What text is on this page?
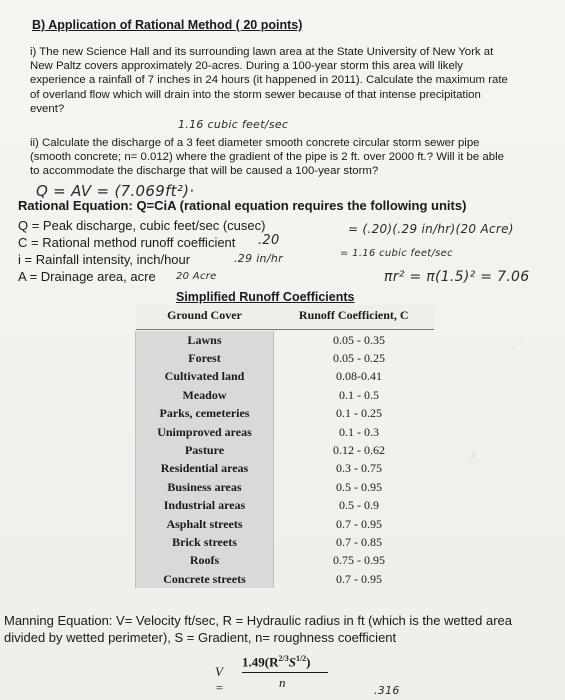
B) Application of Rational Method ( 20 points)
i) The new Science Hall and its surrounding lawn area at the State University of New York at
New Paltz covers approximately 20-acres. During a 100-year storm this area will likely
experience a rainfall of 7 inches in 24 hours (it happened in 2011). Calculate the maximum rate
of overland flow which will drain into the storm sewer because of that intense precipitation
event?
1.16 cubic feet/sec
ii) Calculate the discharge of a 3 feet diameter smooth concrete circular storm sewer pipe
(smooth concrete; n= 0.012) where the gradient of the pipe is 2 ft. over 2000 ft.? Will it be able
to accommodate the discharge that will be caused a 100-year storm?
Q = AV = (7.069ft²)·
Rational Equation: Q=CiA (rational equation requires the following units)
Q = Peak discharge, cubic feet/sec (cusec)
C = Rational method runoff coefficient
i = Rainfall intensity, inch/hour
A = Drainage area, acre
.20
.29 in/hr
20 Acre
= (.20)(.29 in/hr)(20 Acre)
= 1.16 cubic feet/sec
πr² = π(1.5)² = 7.06
Simplified Runoff Coefficients
Ground Cover	Runoff Coefficient, C

Lawns	0.05 - 0.35
Forest	0.05 - 0.25
Cultivated land	0.08-0.41
Meadow	0.1 - 0.5
Parks, cemeteries	0.1 - 0.25
Unimproved areas	0.1 - 0.3
Pasture	0.12 - 0.62
Residential areas	0.3 - 0.75
Business areas	0.5 - 0.95
Industrial areas	0.5 - 0.9
Asphalt streets	0.7 - 0.95
Brick streets	0.7 - 0.85
Roofs	0.75 - 0.95
Concrete streets	0.7 - 0.95
⟋
⋰
Manning Equation: V= Velocity ft/sec, R = Hydraulic radius in ft (which is the wetted area
divided by wetted perimeter), S = Gradient, n= roughness coefficient
V =
$1.49(R^{2/3}S^{1/2})$
n
.316
